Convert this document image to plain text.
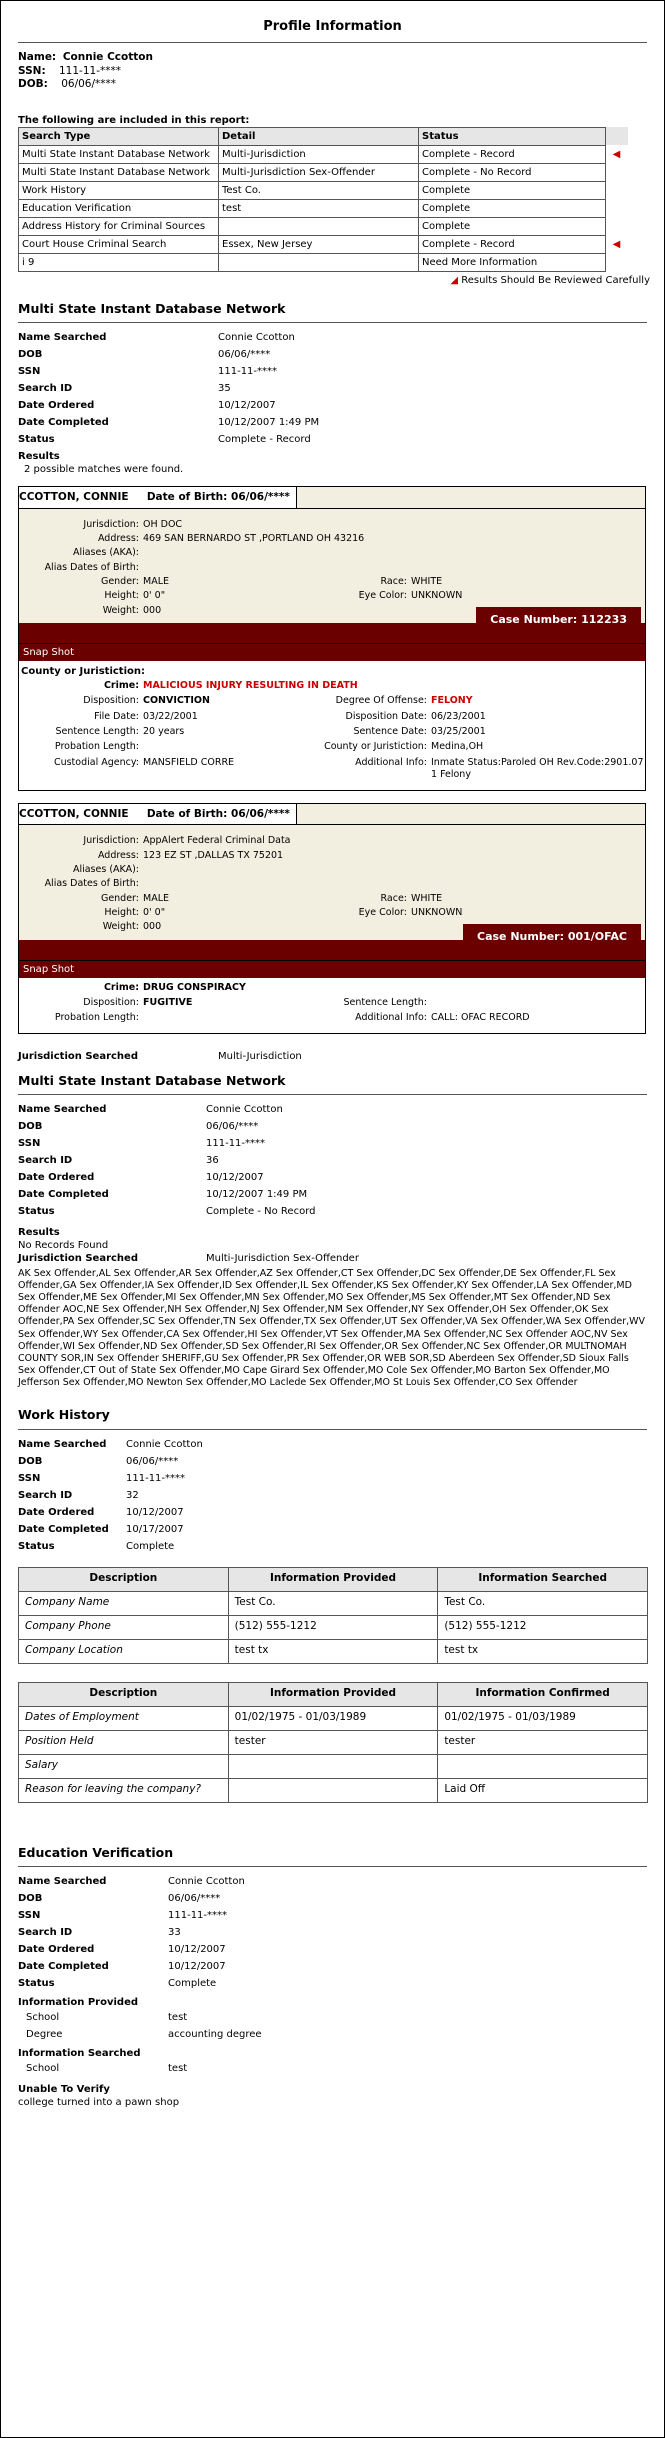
Profile Information
Name: Connie Ccotton
SSN: 111-11-****
DOB: 06/06/****
The following are included in this report:
Search Type	Detail	Status	
Multi State Instant Database Network	Multi-Jurisdiction	Complete - Record	◀
Multi State Instant Database Network	Multi-Jurisdiction Sex-Offender	Complete - No Record	
Work History	Test Co.	Complete	
Education Verification	test	Complete	
Address History for Criminal Sources		Complete	
Court House Criminal Search	Essex, New Jersey	Complete - Record	◀
i 9		Need More Information	
◢ Results Should Be Reviewed Carefully
Multi State Instant Database Network
Name Searched	Connie Ccotton
DOB	06/06/****
SSN	111-11-****
Search ID	35
Date Ordered	10/12/2007
Date Completed	10/12/2007 1:49 PM
Status	Complete - Record
Results
2 possible matches were found.
CCOTTON, CONNIE Date of Birth: 06/06/****
Jurisdiction: OH DOC
Address: 469 SAN BERNARDO ST ,PORTLAND OH 43216
Aliases (AKA):
Alias Dates of Birth:
Gender: MALE	Race: WHITE
Height: 0' 0"	Eye Color: UNKNOWN
Weight: 000
Case Number: 112233
Snap Shot
County or Juristiction:
Crime: MALICIOUS INJURY RESULTING IN DEATH
Disposition: CONVICTION	Degree Of Offense: FELONY
File Date: 03/22/2001	Disposition Date: 06/23/2001
Sentence Length: 20 years	Sentence Date: 03/25/2001
Probation Length:	County or Juristiction: Medina,OH
Custodial Agency: MANSFIELD CORRE	Additional Info: Inmate Status:Paroled OH Rev.Code:2901.07 1 Felony
CCOTTON, CONNIE Date of Birth: 06/06/****
Jurisdiction: AppAlert Federal Criminal Data
Address: 123 EZ ST ,DALLAS TX 75201
Aliases (AKA):
Alias Dates of Birth:
Gender: MALE	Race: WHITE
Height: 0' 0"	Eye Color: UNKNOWN
Weight: 000
Case Number: 001/OFAC
Snap Shot
Crime: DRUG CONSPIRACY
Disposition: FUGITIVE	Sentence Length:
Probation Length:	Additional Info: CALL: OFAC RECORD
Jurisdiction Searched	Multi-Jurisdiction
Multi State Instant Database Network
Name Searched	Connie Ccotton
DOB	06/06/****
SSN	111-11-****
Search ID	36
Date Ordered	10/12/2007
Date Completed	10/12/2007 1:49 PM
Status	Complete - No Record
Results
No Records Found
Jurisdiction Searched	Multi-Jurisdiction Sex-Offender
AK Sex Offender,AL Sex Offender,AR Sex Offender,AZ Sex Offender,CT Sex Offender,DC Sex Offender,DE Sex Offender,FL Sex Offender,GA Sex Offender,IA Sex Offender,ID Sex Offender,IL Sex Offender,KS Sex Offender,KY Sex Offender,LA Sex Offender,MD Sex Offender,ME Sex Offender,MI Sex Offender,MN Sex Offender,MO Sex Offender,MS Sex Offender,MT Sex Offender,ND Sex Offender AOC,NE Sex Offender,NH Sex Offender,NJ Sex Offender,NM Sex Offender,NY Sex Offender,OH Sex Offender,OK Sex Offender,PA Sex Offender,SC Sex Offender,TN Sex Offender,TX Sex Offender,UT Sex Offender,VA Sex Offender,WA Sex Offender,WV Sex Offender,WY Sex Offender,CA Sex Offender,HI Sex Offender,VT Sex Offender,MA Sex Offender,NC Sex Offender AOC,NV Sex Offender,WI Sex Offender,ND Sex Offender,SD Sex Offender,RI Sex Offender,OR Sex Offender,NC Sex Offender,OR MULTNOMAH COUNTY SOR,IN Sex Offender SHERIFF,GU Sex Offender,PR Sex Offender,OR WEB SOR,SD Aberdeen Sex Offender,SD Sioux Falls Sex Offender,CT Out of State Sex Offender,MO Cape Girard Sex Offender,MO Cole Sex Offender,MO Barton Sex Offender,MO Jefferson Sex Offender,MO Newton Sex Offender,MO Laclede Sex Offender,MO St Louis Sex Offender,CO Sex Offender
Work History
Name Searched	Connie Ccotton
DOB	06/06/****
SSN	111-11-****
Search ID	32
Date Ordered	10/12/2007
Date Completed	10/17/2007
Status	Complete
Description	Information Provided	Information Searched
Company Name	Test Co.	Test Co.
Company Phone	(512) 555-1212	(512) 555-1212
Company Location	test tx	test tx
Description	Information Provided	Information Confirmed
Dates of Employment	01/02/1975 - 01/03/1989	01/02/1975 - 01/03/1989
Position Held	tester	tester
Salary		
Reason for leaving the company?		Laid Off
Education Verification
Name Searched	Connie Ccotton
DOB	06/06/****
SSN	111-11-****
Search ID	33
Date Ordered	10/12/2007
Date Completed	10/12/2007
Status	Complete
Information Provided
School	test
Degree	accounting degree
Information Searched
School	test
Unable To Verify
college turned into a pawn shop
